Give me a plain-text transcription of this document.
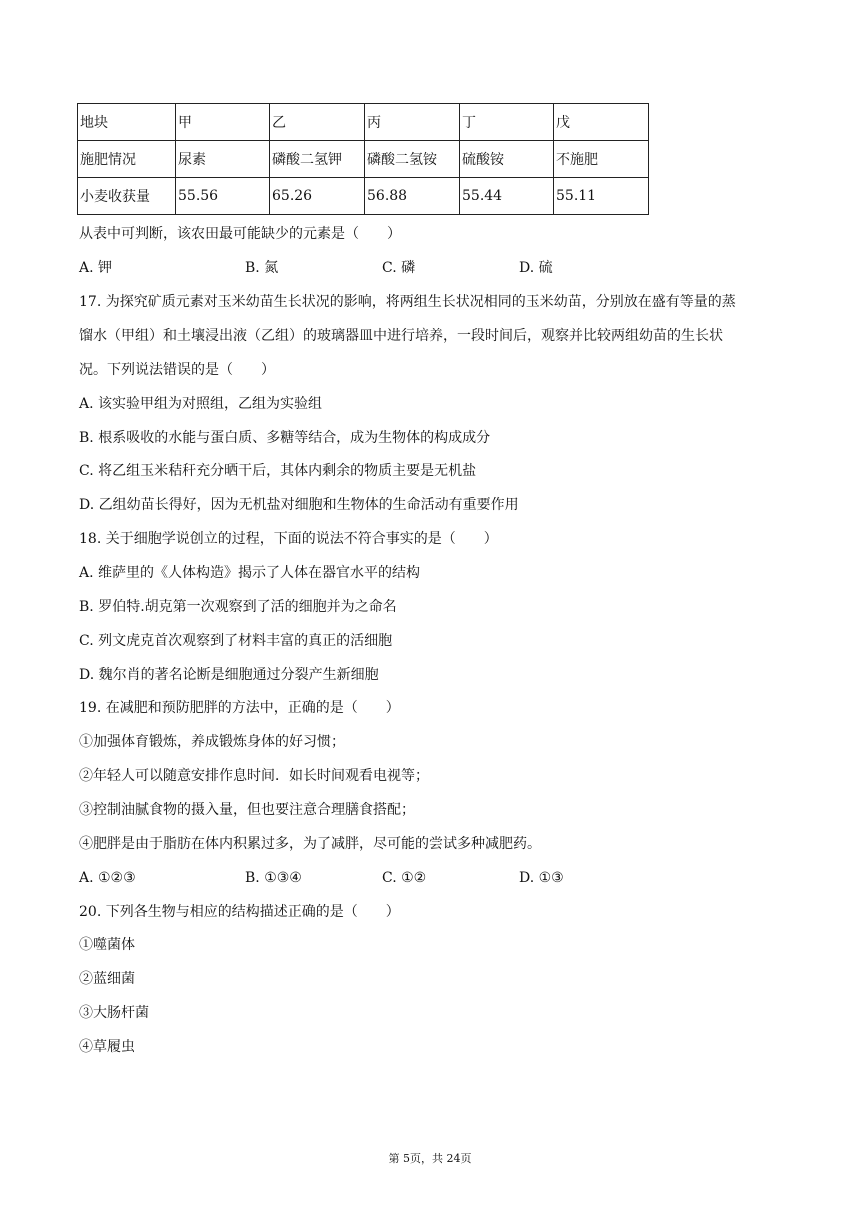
地块	甲	乙	丙	丁	戊
施肥情况	尿素	磷酸二氢钾	磷酸二氢铵	硫酸铵	不施肥
小麦收获量	55.56	65.26	56.88	55.44	55.11
从表中可判断，该农田最可能缺少的元素是（　　）
A. 钾	B. 氮	C. 磷	D. 硫
17. 为探究矿质元素对玉米幼苗生长状况的影响，将两组生长状况相同的玉米幼苗，分别放在盛有等量的蒸
馏水（甲组）和土壤浸出液（乙组）的玻璃器皿中进行培养，一段时间后，观察并比较两组幼苗的生长状
况。下列说法错误的是（　　）
A. 该实验甲组为对照组，乙组为实验组
B. 根系吸收的水能与蛋白质、多糖等结合，成为生物体的构成成分
C. 将乙组玉米秸秆充分晒干后，其体内剩余的物质主要是无机盐
D. 乙组幼苗长得好，因为无机盐对细胞和生物体的生命活动有重要作用
18. 关于细胞学说创立的过程，下面的说法不符合事实的是（　　）
A. 维萨里的《人体构造》揭示了人体在器官水平的结构
B. 罗伯特.胡克第一次观察到了活的细胞并为之命名
C. 列文虎克首次观察到了材料丰富的真正的活细胞
D. 魏尔肖的著名论断是细胞通过分裂产生新细胞
19. 在减肥和预防肥胖的方法中，正确的是（　　）
①加强体育锻炼，养成锻炼身体的好习惯；
②年轻人可以随意安排作息时间．如长时间观看电视等；
③控制油腻食物的摄入量，但也要注意合理膳食搭配；
④肥胖是由于脂肪在体内积累过多，为了减胖，尽可能的尝试多种减肥药。
A. ①②③	B. ①③④	C. ①②	D. ①③
20. 下列各生物与相应的结构描述正确的是（　　）
①噬菌体
②蓝细菌
③大肠杆菌
④草履虫
第 5页，共 24页
